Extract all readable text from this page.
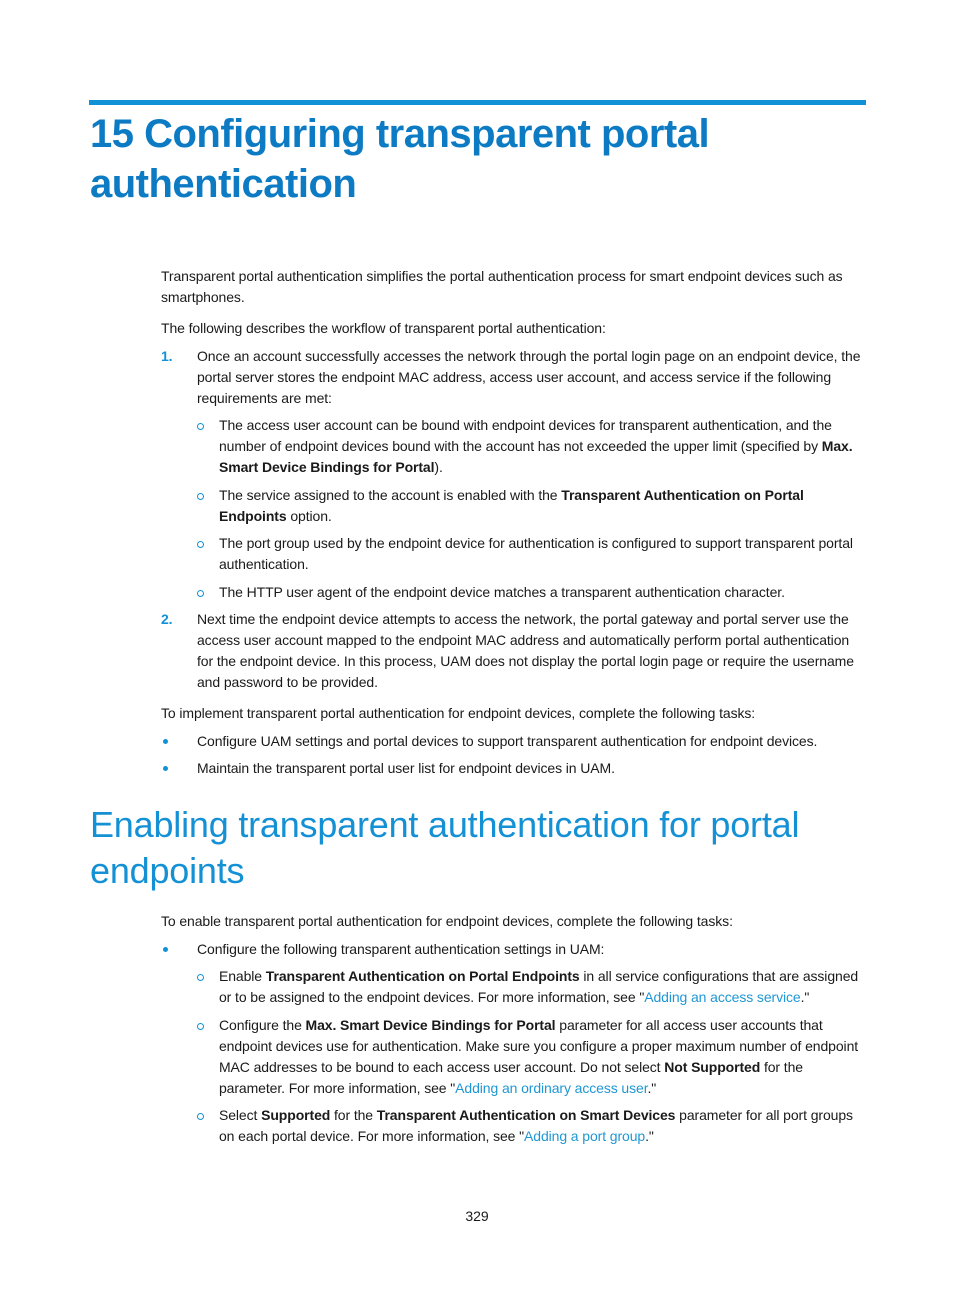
15 Configuring transparent portal authentication

Transparent portal authentication simplifies the portal authentication process for smart endpoint devices such as smartphones.

The following describes the workflow of transparent portal authentication:

1. Once an account successfully accesses the network through the portal login page on an endpoint device, the portal server stores the endpoint MAC address, access user account, and access service if the following requirements are met:
The access user account can be bound with endpoint devices for transparent authentication, and the number of endpoint devices bound with the account has not exceeded the upper limit (specified by Max. Smart Device Bindings for Portal).
The service assigned to the account is enabled with the Transparent Authentication on Portal Endpoints option.
The port group used by the endpoint device for authentication is configured to support transparent portal authentication.
The HTTP user agent of the endpoint device matches a transparent authentication character.
2. Next time the endpoint device attempts to access the network, the portal gateway and portal server use the access user account mapped to the endpoint MAC address and automatically perform portal authentication for the endpoint device. In this process, UAM does not display the portal login page or require the username and password to be provided.

To implement transparent portal authentication for endpoint devices, complete the following tasks:

Configure UAM settings and portal devices to support transparent authentication for endpoint devices.
Maintain the transparent portal user list for endpoint devices in UAM.
Enabling transparent authentication for portal endpoints

To enable transparent portal authentication for endpoint devices, complete the following tasks:

Configure the following transparent authentication settings in UAM:
Enable Transparent Authentication on Portal Endpoints in all service configurations that are assigned or to be assigned to the endpoint devices. For more information, see "Adding an access service."
Configure the Max. Smart Device Bindings for Portal parameter for all access user accounts that endpoint devices use for authentication. Make sure you configure a proper maximum number of endpoint MAC addresses to be bound to each access user account. Do not select Not Supported for the parameter. For more information, see "Adding an ordinary access user."
Select Supported for the Transparent Authentication on Smart Devices parameter for all port groups on each portal device. For more information, see "Adding a port group."
329
